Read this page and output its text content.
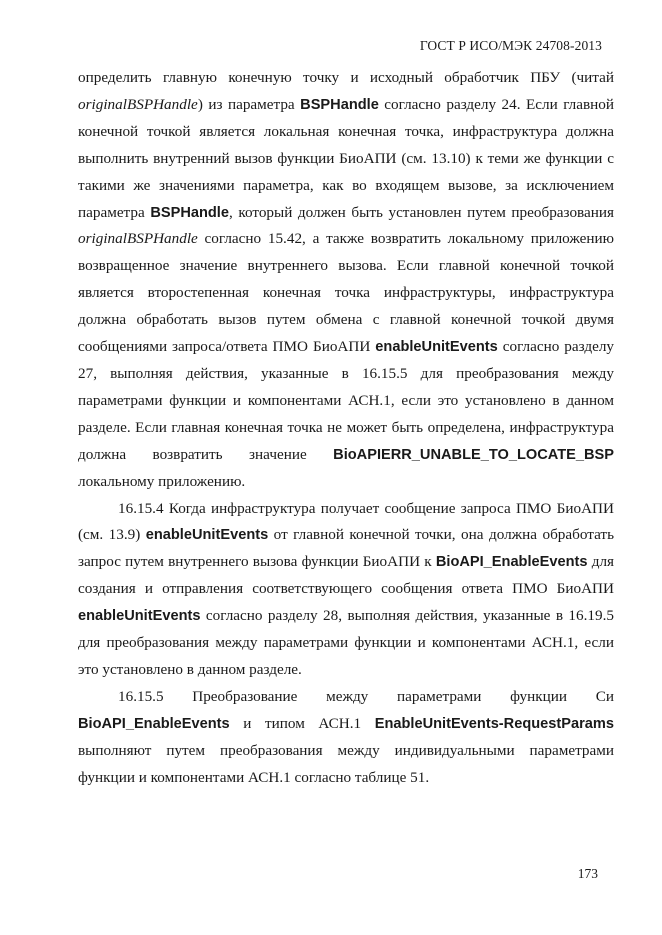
ГОСТ Р ИСО/МЭК 24708-2013

определить главную конечную точку и исходный обработчик ПБУ (читай originalBSPHandle) из параметра BSPHandle согласно разделу 24. Если главной конечной точкой является локальная конечная точка, инфраструктура должна выполнить внутренний вызов функции БиоАПИ (см. 13.10) к теми же функции с такими же значениями параметра, как во входящем вызове, за исключением параметра BSPHandle, который должен быть установлен путем преобразования originalBSPHandle согласно 15.42, а также возвратить локальному приложению возвращенное значение внутреннего вызова. Если главной конечной точкой является второстепенная конечная точка инфраструктуры, инфраструктура должна обработать вызов путем обмена с главной конечной точкой двумя сообщениями запроса/ответа ПМО БиоАПИ enableUnitEvents согласно разделу 27, выполняя действия, указанные в 16.15.5 для преобразования между параметрами функции и компонентами АСН.1, если это установлено в данном разделе. Если главная конечная точка не может быть определена, инфраструктура должна возвратить значение BioAPIERR_UNABLE_TO_LOCATE_BSP локальному приложению.

16.15.4 Когда инфраструктура получает сообщение запроса ПМО БиоАПИ (см. 13.9) enableUnitEvents от главной конечной точки, она должна обработать запрос путем внутреннего вызова функции БиоАПИ к BioAPI_EnableEvents для создания и отправления соответствующего сообщения ответа ПМО БиоАПИ enableUnitEvents согласно разделу 28, выполняя действия, указанные в 16.19.5 для преобразования между параметрами функции и компонентами АСН.1, если это установлено в данном разделе.

16.15.5 Преобразование между параметрами функции Си BioAPI_EnableEvents и типом АСН.1 EnableUnitEvents-RequestParams выполняют путем преобразования между индивидуальными параметрами функции и компонентами АСН.1 согласно таблице 51.

173
